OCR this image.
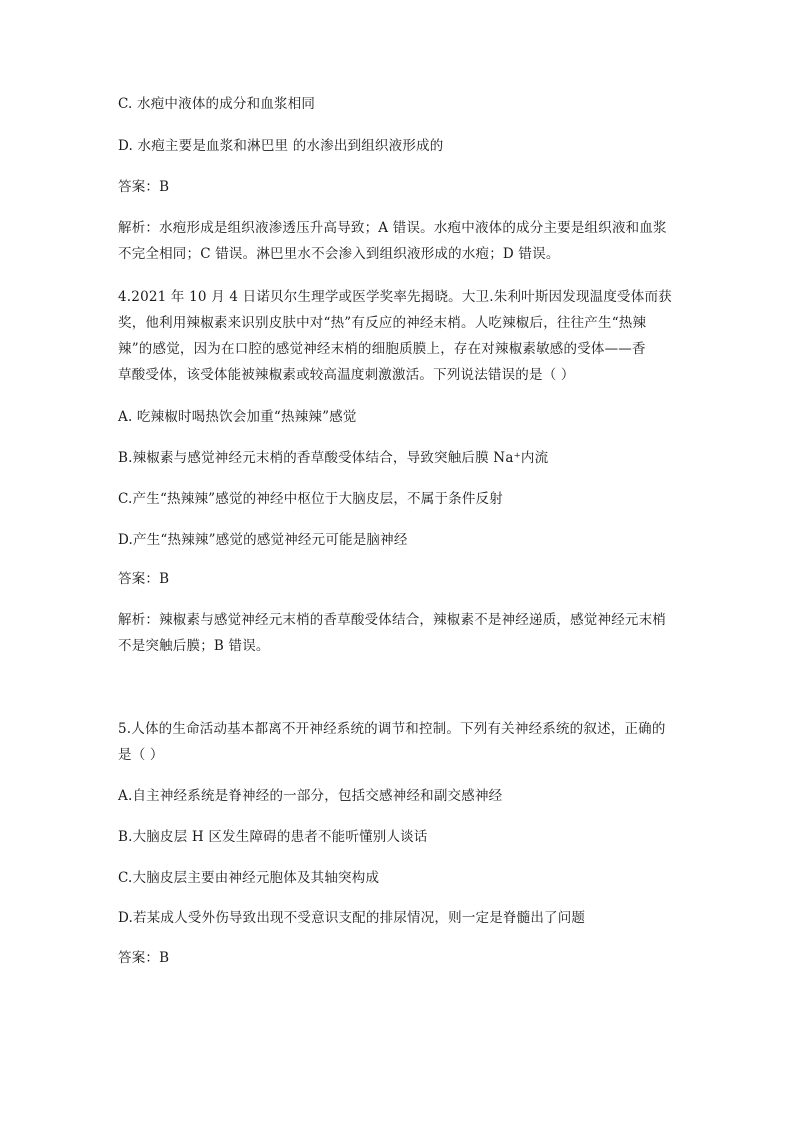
C. 水疱中液体的成分和血浆相同
D. 水疱主要是血浆和淋巴里 的水渗出到组织液形成的
答案：B
解析：水疱形成是组织液渗透压升高导致；A 错误。水疱中液体的成分主要是组织液和血浆
不完全相同；C 错误。淋巴里水不会渗入到组织液形成的水疱；D 错误。
4.2021 年 10 月 4 日诺贝尔生理学或医学奖率先揭晓。大卫.朱利叶斯因发现温度受体而获
奖，他利用辣椒素来识别皮肤中对“热”有反应的神经末梢。人吃辣椒后，往往产生“热辣
辣”的感觉，因为在口腔的感觉神经末梢的细胞质膜上，存在对辣椒素敏感的受体——香
草酸受体，该受体能被辣椒素或较高温度刺激激活。下列说法错误的是（ ）
A. 吃辣椒时喝热饮会加重“热辣辣”感觉
B.辣椒素与感觉神经元末梢的香草酸受体结合，导致突触后膜 Na⁺内流
C.产生“热辣辣”感觉的神经中枢位于大脑皮层，不属于条件反射
D.产生“热辣辣”感觉的感觉神经元可能是脑神经
答案：B
解析：辣椒素与感觉神经元末梢的香草酸受体结合，辣椒素不是神经递质，感觉神经元末梢
不是突触后膜；B 错误。
5.人体的生命活动基本都离不开神经系统的调节和控制。下列有关神经系统的叙述，正确的
是（ ）
A.自主神经系统是脊神经的一部分，包括交感神经和副交感神经
B.大脑皮层 H 区发生障碍的患者不能听懂别人谈话
C.大脑皮层主要由神经元胞体及其轴突构成
D.若某成人受外伤导致出现不受意识支配的排尿情况，则一定是脊髓出了问题
答案：B
